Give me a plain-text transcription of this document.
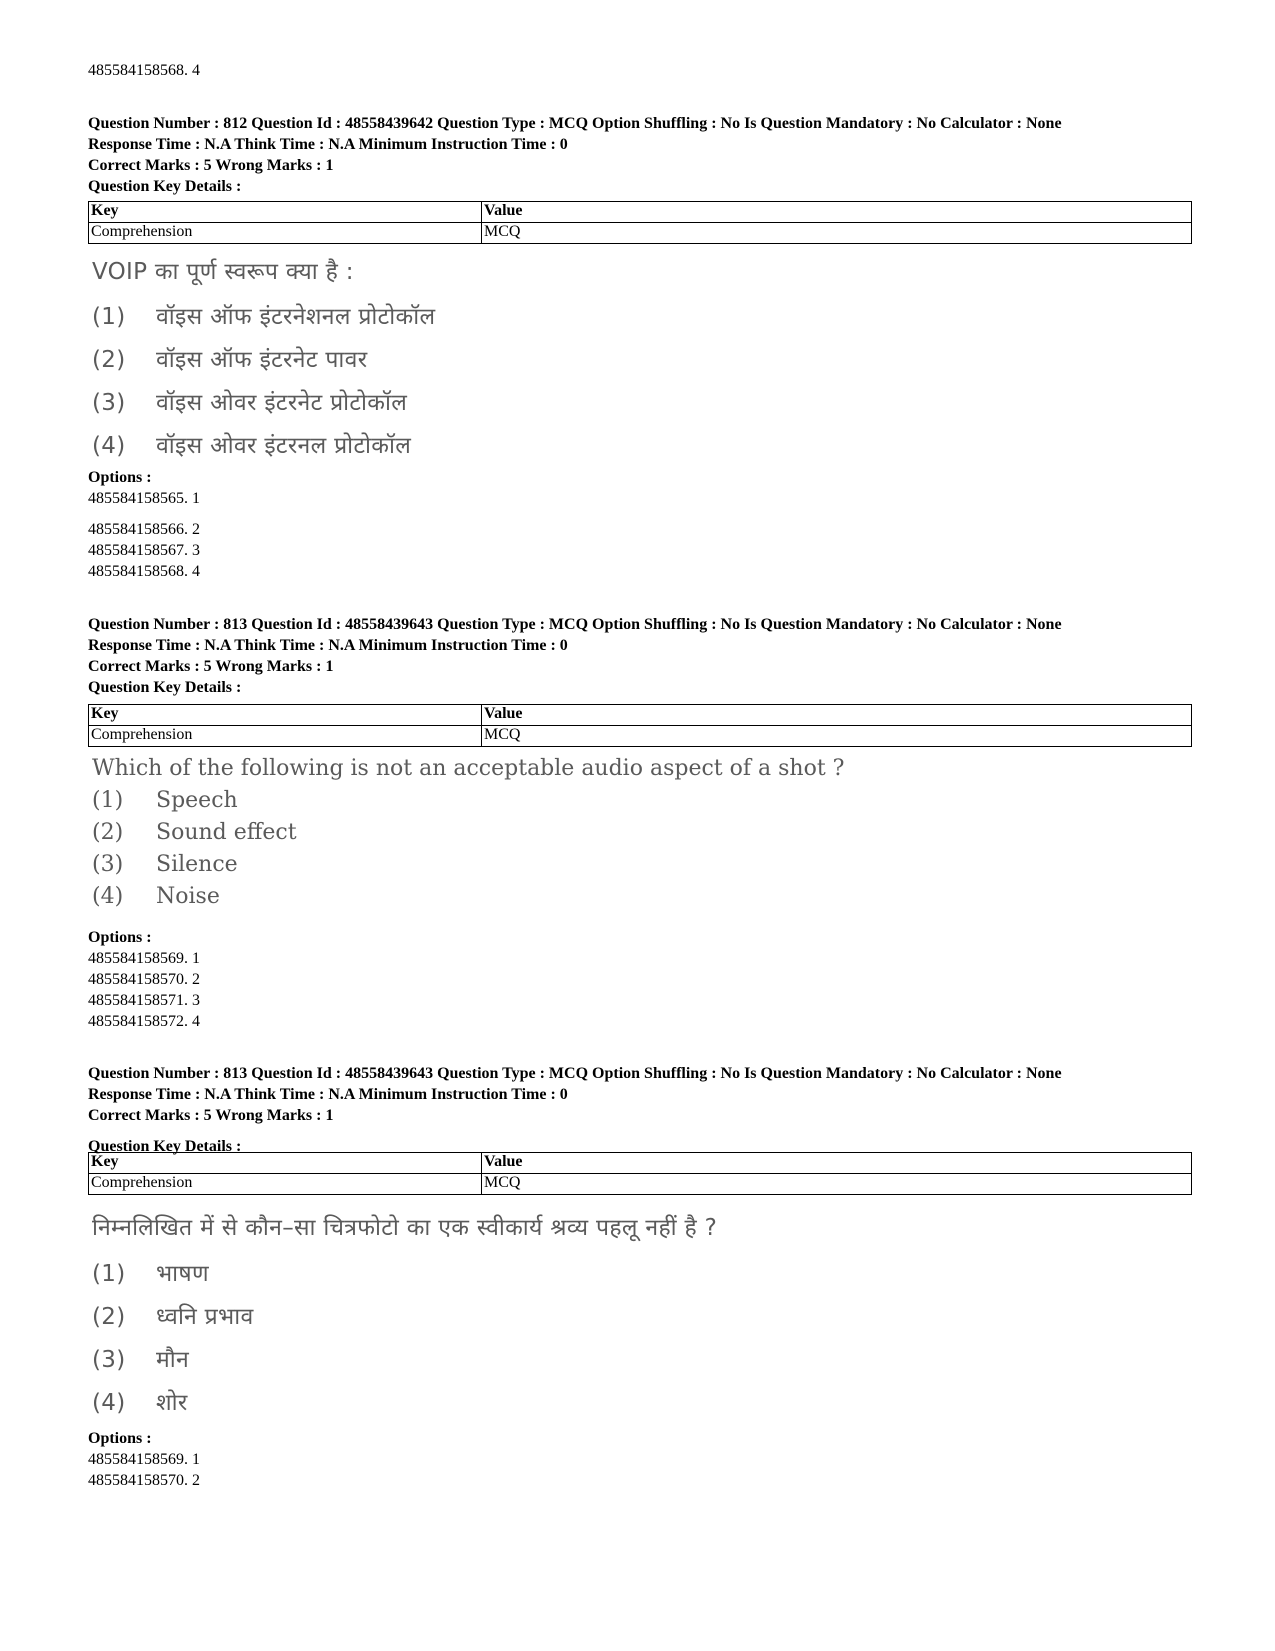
485584158568. 4
Question Number : 812 Question Id : 48558439642 Question Type : MCQ Option Shuffling : No Is Question Mandatory : No Calculator : None
Response Time : N.A Think Time : N.A Minimum Instruction Time : 0
Correct Marks : 5 Wrong Marks : 1
Question Key Details :
Key	Value
Comprehension	MCQ
VOIP का पूर्ण स्वरूप क्या है :
(1) वॉइस ऑफ इंटरनेशनल प्रोटोकॉल
(2) वॉइस ऑफ इंटरनेट पावर
(3) वॉइस ओवर इंटरनेट प्रोटोकॉल
(4) वॉइस ओवर इंटरनल प्रोटोकॉल
Options :
485584158565. 1
485584158566. 2
485584158567. 3
485584158568. 4
Question Number : 813 Question Id : 48558439643 Question Type : MCQ Option Shuffling : No Is Question Mandatory : No Calculator : None
Response Time : N.A Think Time : N.A Minimum Instruction Time : 0
Correct Marks : 5 Wrong Marks : 1
Question Key Details :
Key	Value
Comprehension	MCQ
Which of the following is not an acceptable audio aspect of a shot ?
(1) Speech
(2) Sound effect
(3) Silence
(4) Noise
Options :
485584158569. 1
485584158570. 2
485584158571. 3
485584158572. 4
Question Number : 813 Question Id : 48558439643 Question Type : MCQ Option Shuffling : No Is Question Mandatory : No Calculator : None
Response Time : N.A Think Time : N.A Minimum Instruction Time : 0
Correct Marks : 5 Wrong Marks : 1
Question Key Details :
Key	Value
Comprehension	MCQ
निम्नलिखित में से कौन–सा चित्रफोटो का एक स्वीकार्य श्रव्य पहलू नहीं है ?
(1) भाषण
(2) ध्वनि प्रभाव
(3) मौन
(4) शोर
Options :
485584158569. 1
485584158570. 2
